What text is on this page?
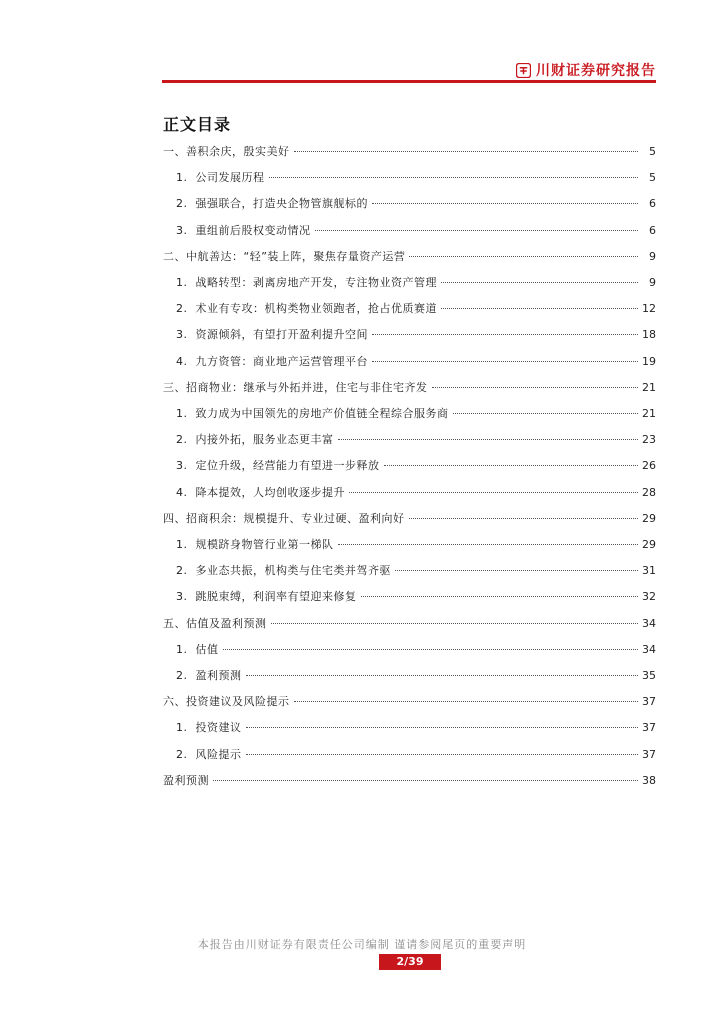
川财证券研究报告
正文目录
一、善积余庆，殷实美好	5
1. 公司发展历程	5
2. 强强联合，打造央企物管旗舰标的	6
3. 重组前后股权变动情况	6
二、中航善达：“轻”装上阵，聚焦存量资产运营	9
1. 战略转型：剥离房地产开发，专注物业资产管理	9
2. 术业有专攻：机构类物业领跑者，抢占优质赛道	12
3. 资源倾斜，有望打开盈利提升空间	18
4. 九方资管：商业地产运营管理平台	19
三、招商物业：继承与外拓并进，住宅与非住宅齐发	21
1. 致力成为中国领先的房地产价值链全程综合服务商	21
2. 内接外拓，服务业态更丰富	23
3. 定位升级，经营能力有望进一步释放	26
4. 降本提效，人均创收逐步提升	28
四、招商积余：规模提升、专业过硬、盈利向好	29
1. 规模跻身物管行业第一梯队	29
2. 多业态共振，机构类与住宅类并驾齐驱	31
3. 跳脱束缚，利润率有望迎来修复	32
五、估值及盈利预测	34
1. 估值	34
2. 盈利预测	35
六、投资建议及风险提示	37
1. 投资建议	37
2. 风险提示	37
盈利预测	38
本报告由川财证券有限责任公司编制 谨请参阅尾页的重要声明
2/39
